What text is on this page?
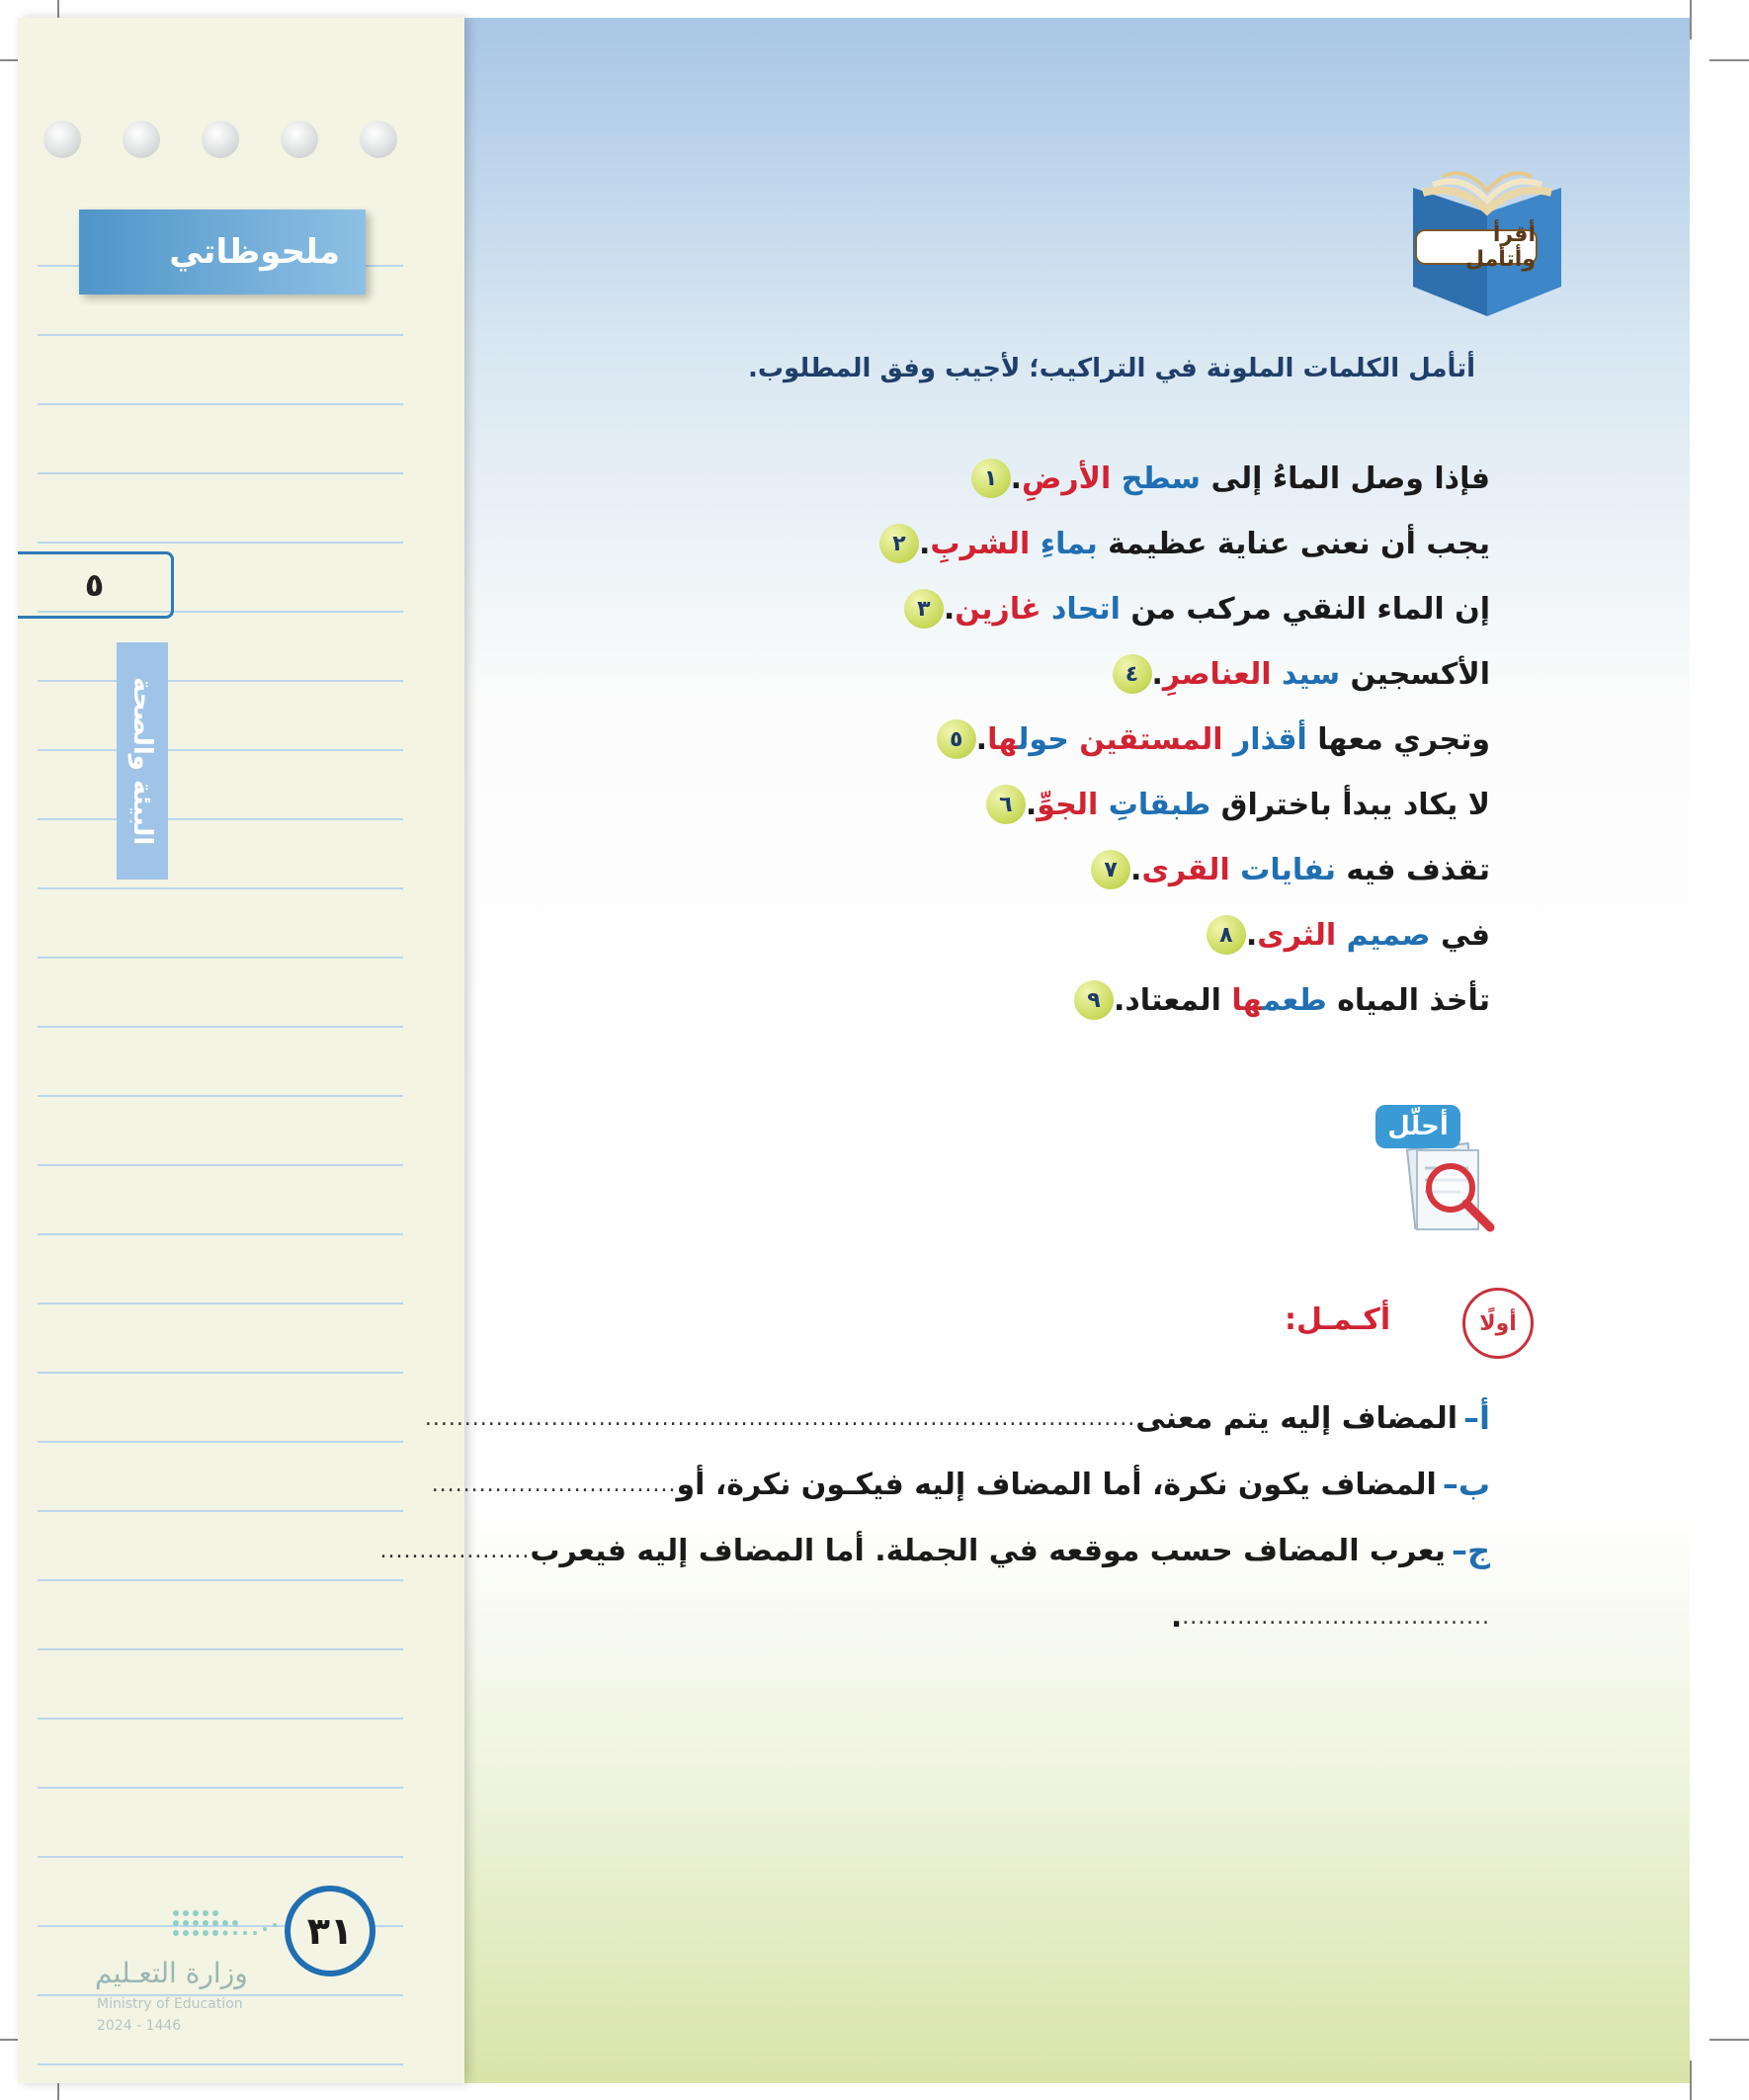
ملحوظاتي
٥
البيئة والصحة
وزارة التعـليم
Ministry of Education
2024 - 1446
٣١
أقرأ وأتأمل
أتأمل الكلمات الملونة في التراكيب؛ لأجيب وفق المطلوب.
١	فإذا وصل الماءُ إلى سطح الأرضِ.
٢	يجب أن نعنى عناية عظيمة بماءِ الشربِ.
٣	إن الماء النقي مركب من اتحاد غازين.
٤	الأكسجين سيد العناصرِ.
٥	وتجري معها أقذار المستقين حولها.
٦	لا يكاد يبدأ باختراق طبقاتِ الجوِّ.
٧	تقذف فيه نفايات القرى.
٨	في صميم الثرى.
٩	تأخذ المياه طعمها المعتاد.
أحلّل
أولًا
أكـمـل:
أ–
المضاف إليه يتم معنى
..........................................................................................
ب–
المضاف يكون نكرة، أما المضاف إليه فيكـون نكرة، أو
...............................
ج–
يعرب المضاف حسب موقعه في الجملة. أما المضاف إليه فيعرب
...................
.......................................
.
